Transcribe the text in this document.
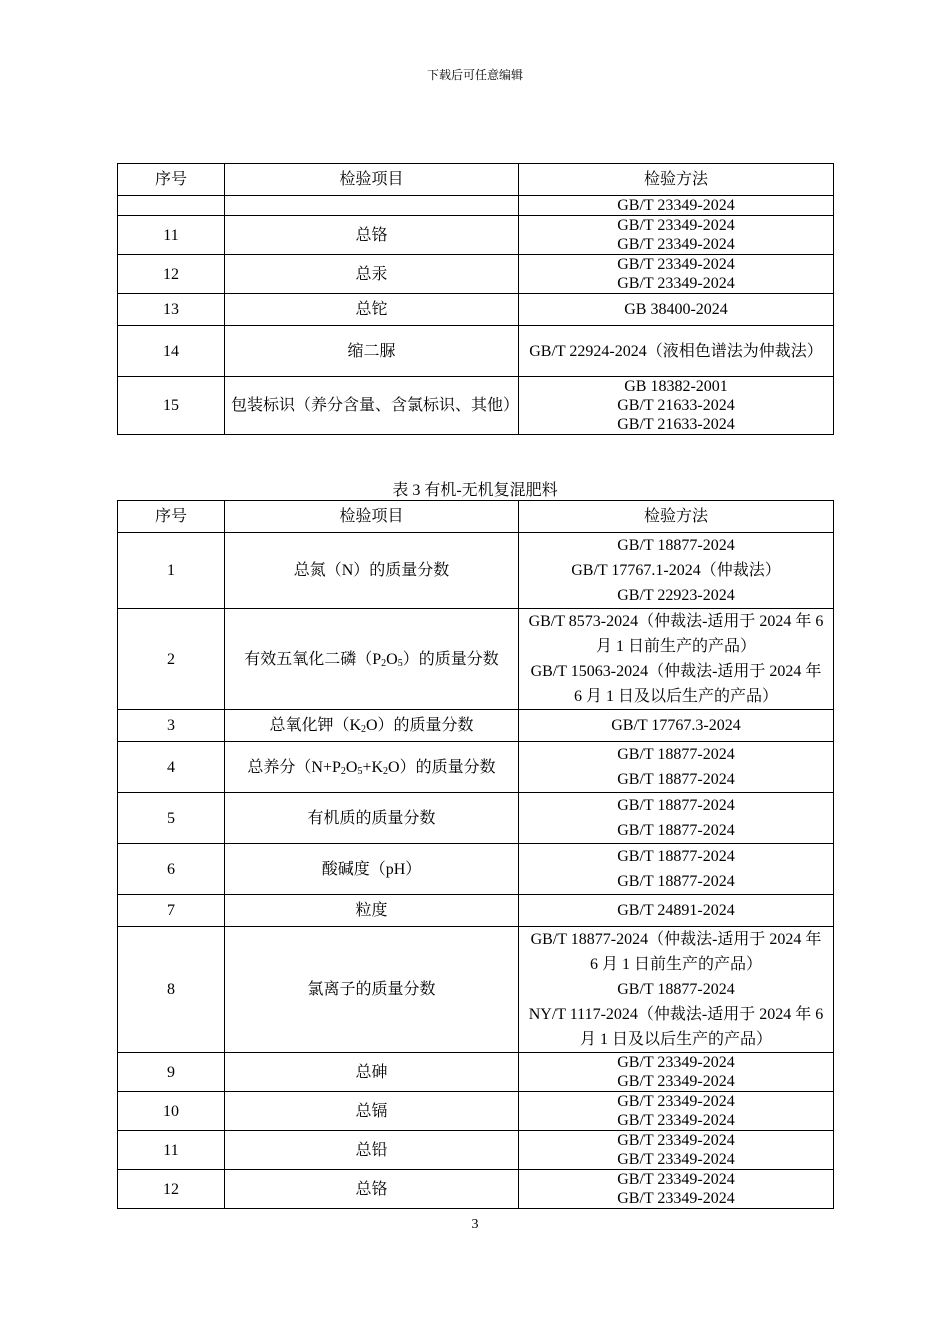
下载后可任意编辑
序号	检验项目	检验方法

		GB/T 23349-2024

11	总铬	GB/T 23349-2024
GB/T 23349-2024

12	总汞	GB/T 23349-2024
GB/T 23349-2024

13	总铊	GB 38400-2024

14	缩二脲	GB/T 22924-2024（液相色谱法为仲裁法）
15	包装标识（养分含量、含氯标识、其他）	GB 18382-2001
GB/T 21633-2024
GB/T 21633-2024
表 3 有机-无机复混肥料
序号	检验项目	检验方法
1	总氮（N）的质量分数	GB/T 18877-2024
GB/T 17767.1-2024（仲裁法）
GB/T 22923-2024

2	有效五氧化二磷$(P_2O_5)$的质量分数	GB/T 8573-2024（仲裁法-适用于 2024 年 6 月 1 日前生产的产品）
GB/T 15063-2024（仲裁法-适用于 2024 年 6 月 1 日及以后生产的产品）

3	总氧化钾$(K_2O)$的质量分数	GB/T 17767.3-2024

4	总养分$(N+P_2O_5+K_2O)$的质量分数	GB/T 18877-2024
GB/T 18877-2024

5	有机质的质量分数	GB/T 18877-2024
GB/T 18877-2024

6	酸碱度（pH）	GB/T 18877-2024
GB/T 18877-2024

7	粒度	GB/T 24891-2024

8	氯离子的质量分数	GB/T 18877-2024（仲裁法-适用于 2024 年 6 月 1 日前生产的产品）
GB/T 18877-2024
NY/T 1117-2024（仲裁法-适用于 2024 年 6 月 1 日及以后生产的产品）

9	总砷	GB/T 23349-2024
GB/T 23349-2024

10	总镉	GB/T 23349-2024
GB/T 23349-2024

11	总铅	GB/T 23349-2024
GB/T 23349-2024

12	总铬	GB/T 23349-2024
GB/T 23349-2024
3
